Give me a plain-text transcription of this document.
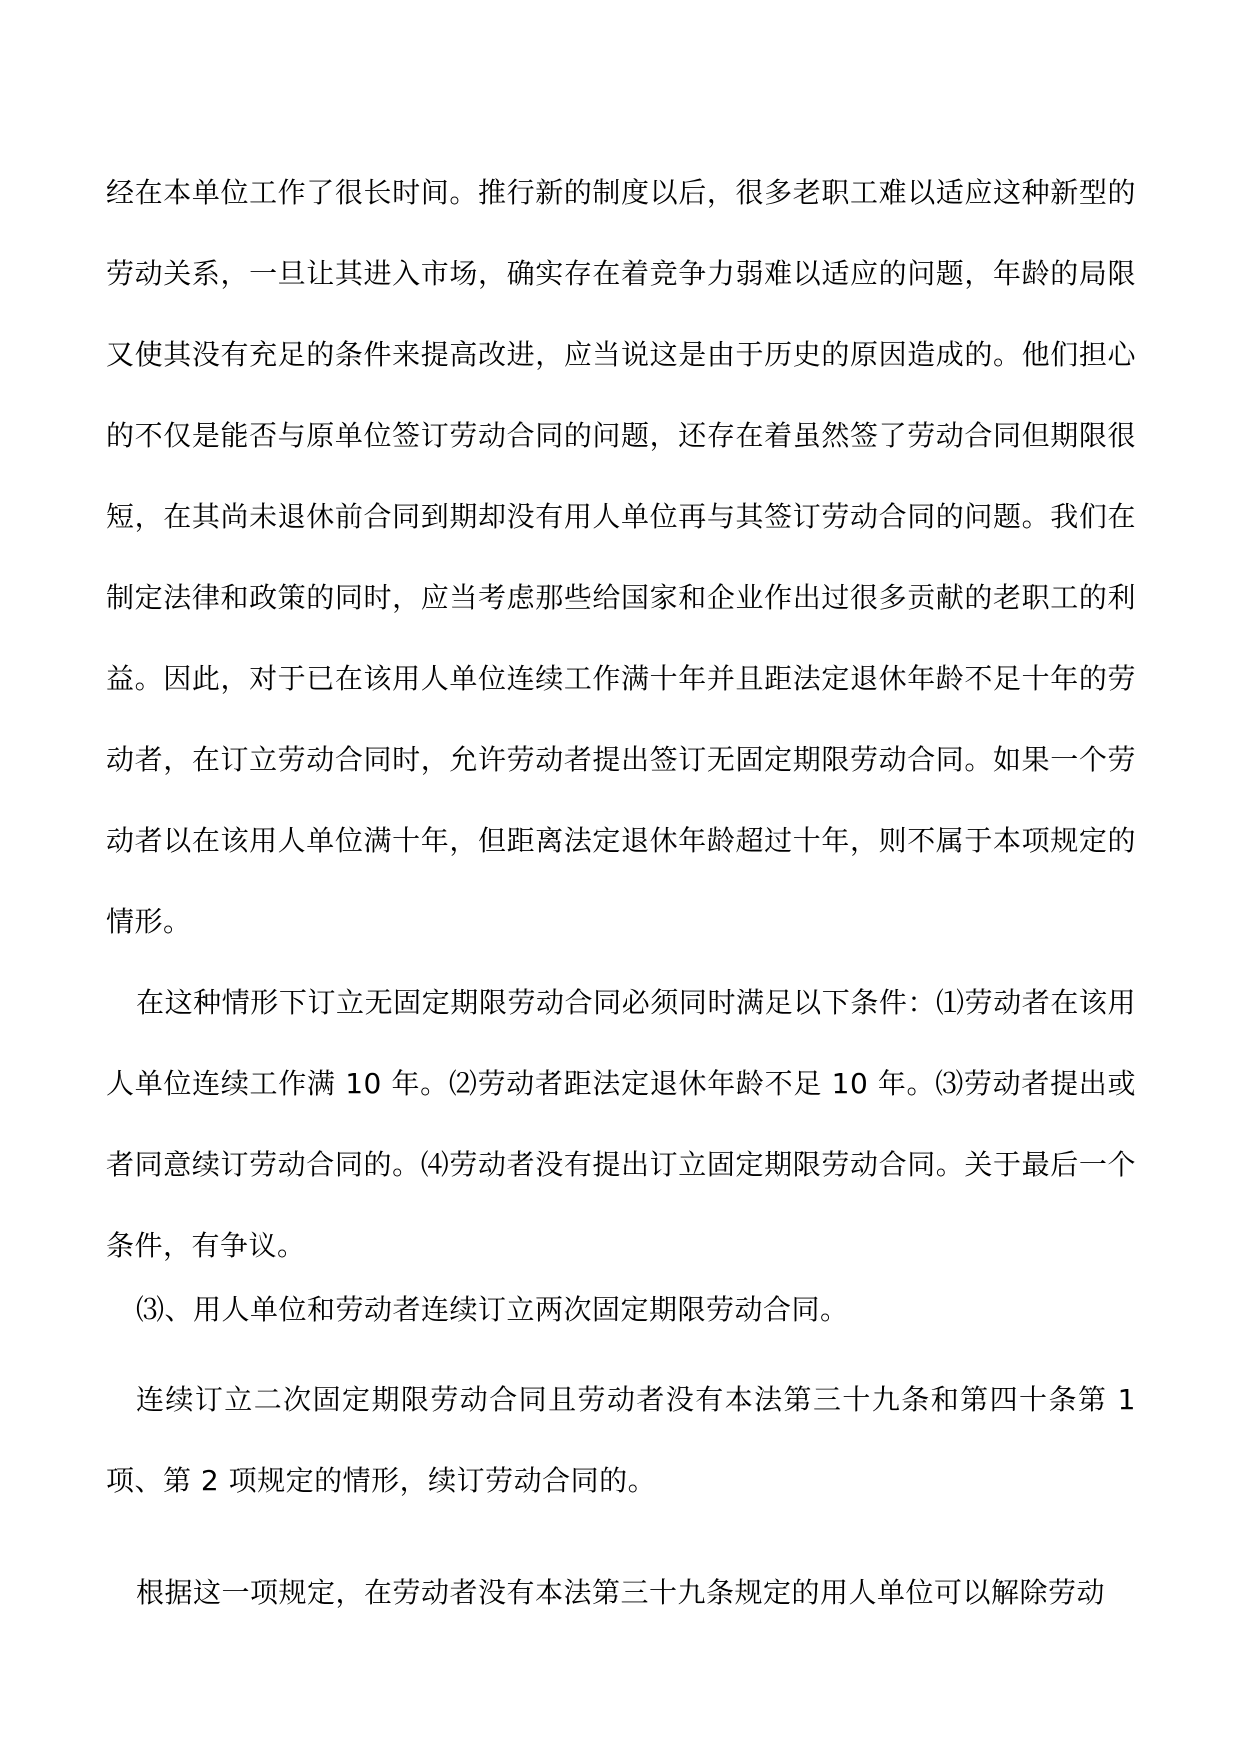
经在本单位工作了很长时间。推行新的制度以后，很多老职工难以适应这种新型的劳动关系，一旦让其进入市场，确实存在着竞争力弱难以适应的问题，年龄的局限又使其没有充足的条件来提高改进，应当说这是由于历史的原因造成的。他们担心的不仅是能否与原单位签订劳动合同的问题，还存在着虽然签了劳动合同但期限很短，在其尚未退休前合同到期却没有用人单位再与其签订劳动合同的问题。我们在制定法律和政策的同时，应当考虑那些给国家和企业作出过很多贡献的老职工的利益。因此，对于已在该用人单位连续工作满十年并且距法定退休年龄不足十年的劳动者，在订立劳动合同时，允许劳动者提出签订无固定期限劳动合同。如果一个劳动者以在该用人单位满十年，但距离法定退休年龄超过十年，则不属于本项规定的情形。

在这种情形下订立无固定期限劳动合同必须同时满足以下条件：⑴劳动者在该用人单位连续工作满 10 年。⑵劳动者距法定退休年龄不足 10 年。⑶劳动者提出或者同意续订劳动合同的。⑷劳动者没有提出订立固定期限劳动合同。关于最后一个条件，有争议。

⑶、用人单位和劳动者连续订立两次固定期限劳动合同。

连续订立二次固定期限劳动合同且劳动者没有本法第三十九条和第四十条第 1 项、第 2 项规定的情形，续订劳动合同的。

根据这一项规定，在劳动者没有本法第三十九条规定的用人单位可以解除劳动
